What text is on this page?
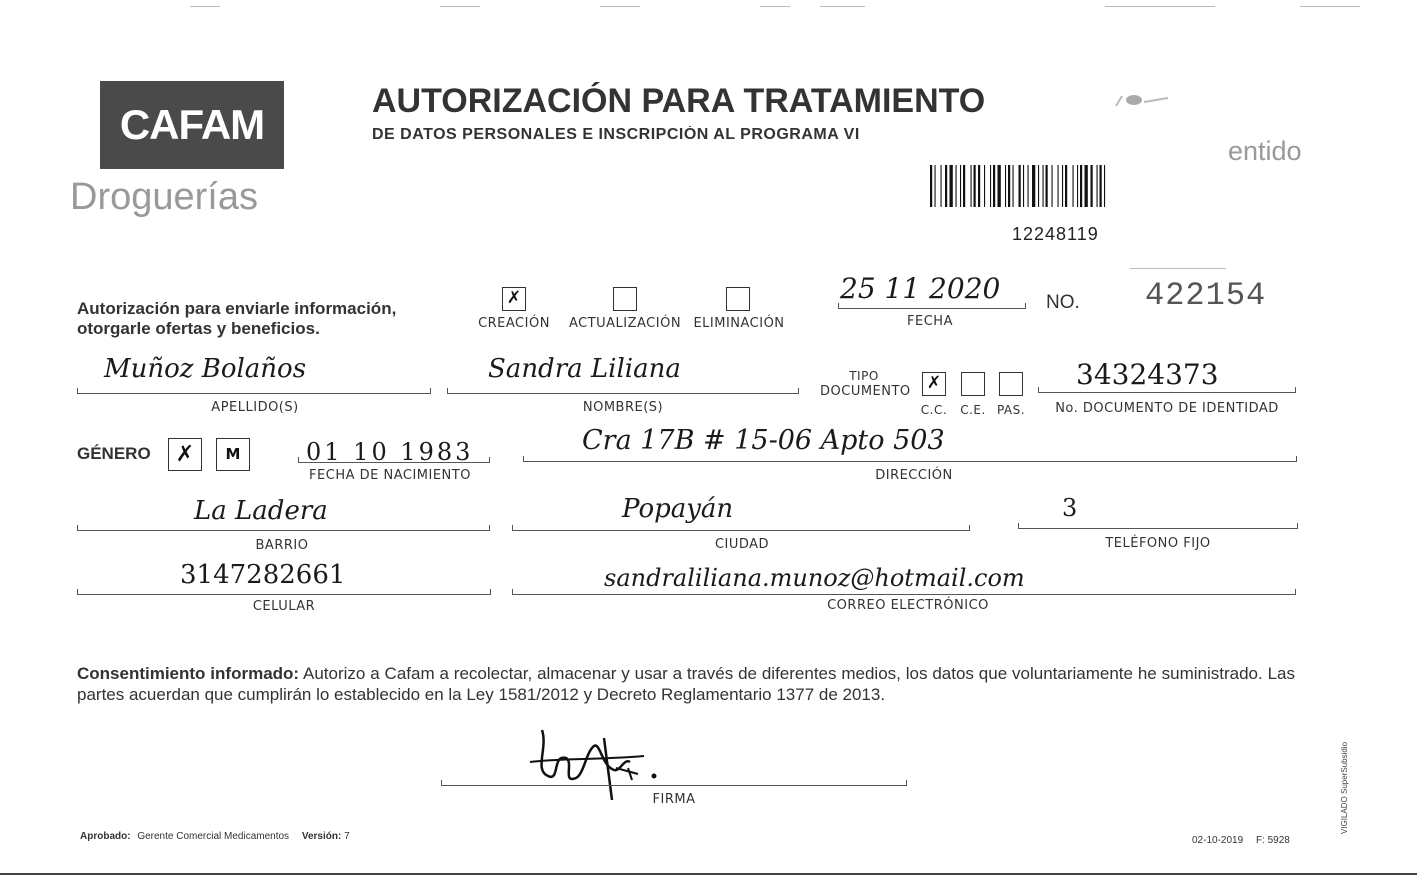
CAFAM
Droguerías
AUTORIZACIÓN PARA TRATAMIENTO
DE DATOS PERSONALES E INSCRIPCIÓN AL PROGRAMA VI
entido
12248119
Autorización para enviarle información,
otorgarle ofertas y beneficios.
✗
CREACIÓN	ACTUALIZACIÓN ELIMINACIÓN
25 11 2020
FECHA
NO. 422154
Muñoz Bolaños
APELLIDO(S)
Sandra Liliana
NOMBRE(S)
TIPO
DOCUMENTO ✗
C.C.	C.E. PAS.
34324373
No. DOCUMENTO DE IDENTIDAD
GÉNERO	✗	M	01 10 1983
FECHA DE NACIMIENTO
Cra 17B # 15-06 Apto 503
DIRECCIÓN
La Ladera
BARRIO
Popayán
CIUDAD
3
TELÉFONO FIJO
3147282661
CELULAR
sandraliliana.munoz@hotmail.com
CORREO ELECTRÓNICO
Consentimiento informado: Autorizo a Cafam a recolectar, almacenar y usar a través de diferentes medios, los datos que voluntariamente he suministrado. Las partes acuerdan que cumplirán lo establecido en la Ley 1581/2012 y Decreto Reglamentario 1377 de 2013.
FIRMA
Aprobado: Gerente Comercial Medicamentos Versión: 7	02-10-2019 F: 5928
VIGILADO SuperSubsidio
